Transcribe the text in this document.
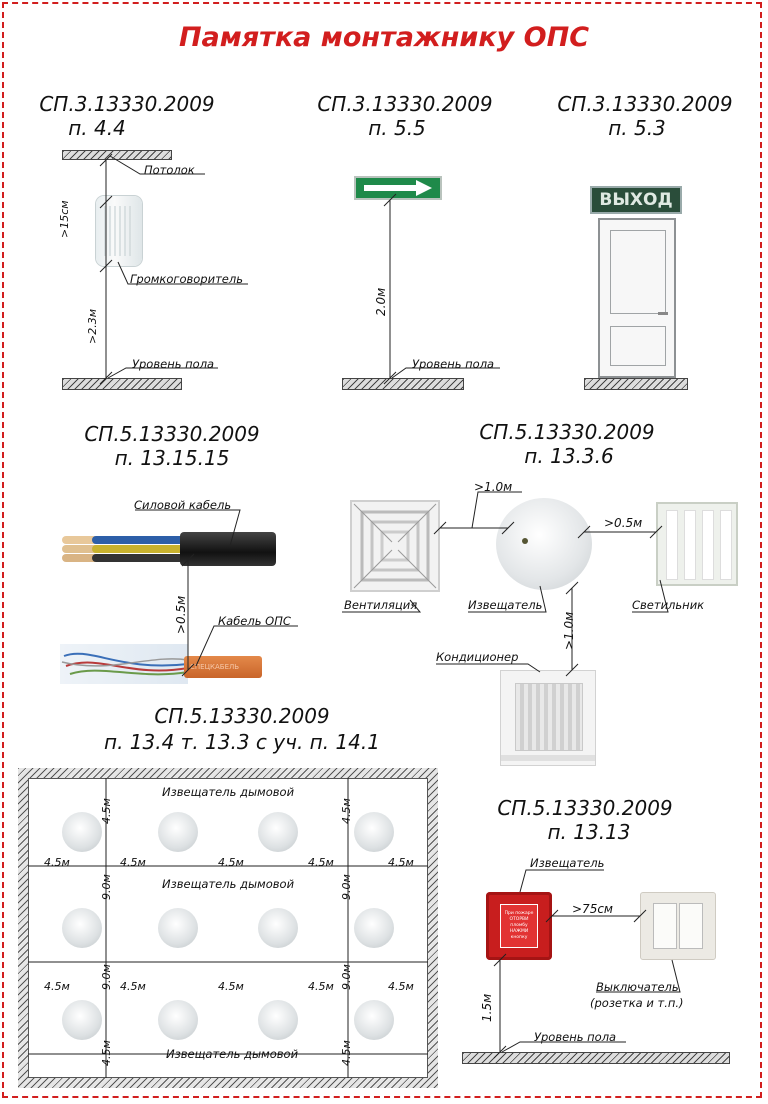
Памятка монтажнику ОПС
СП.3.13330.2009
п. 4.4
Потолок
Громкоговоритель
Уровень пола
>15см
>2.3м
СП.3.13330.2009
п. 5.5
Уровень пола
2.0м
СП.3.13330.2009
п. 5.3
ВЫХОД
СП.5.13330.2009
п. 13.15.15
Силовой кабель
>0.5м
СПЕЦКАБЕЛЬ
Кабель ОПС
СП.5.13330.2009
п. 13.3.6
Вентиляция	Извещатель	Светильник
Кондиционер
>1.0м
>0.5м
>1.0м
СП.5.13330.2009
п. 13.4 т. 13.3 с уч. п. 14.1
4.5м	4.5м	4.5м	4.5м	4.5м
4.5м	4.5м	4.5м	4.5м	4.5м
4.5м
9.0м
9.0м
4.5м
4.5м
9.0м
9.0м
4.5м
Извещатель дымовой
Извещатель дымовой
Извещатель дымовой
СП.5.13330.2009
п. 13.13
Извещатель
При пожаре ОТОРВИ пломбу НАЖМИ кнопку
Выключатель
(розетка и т.п.)
>75см
1.5м
Уровень пола
